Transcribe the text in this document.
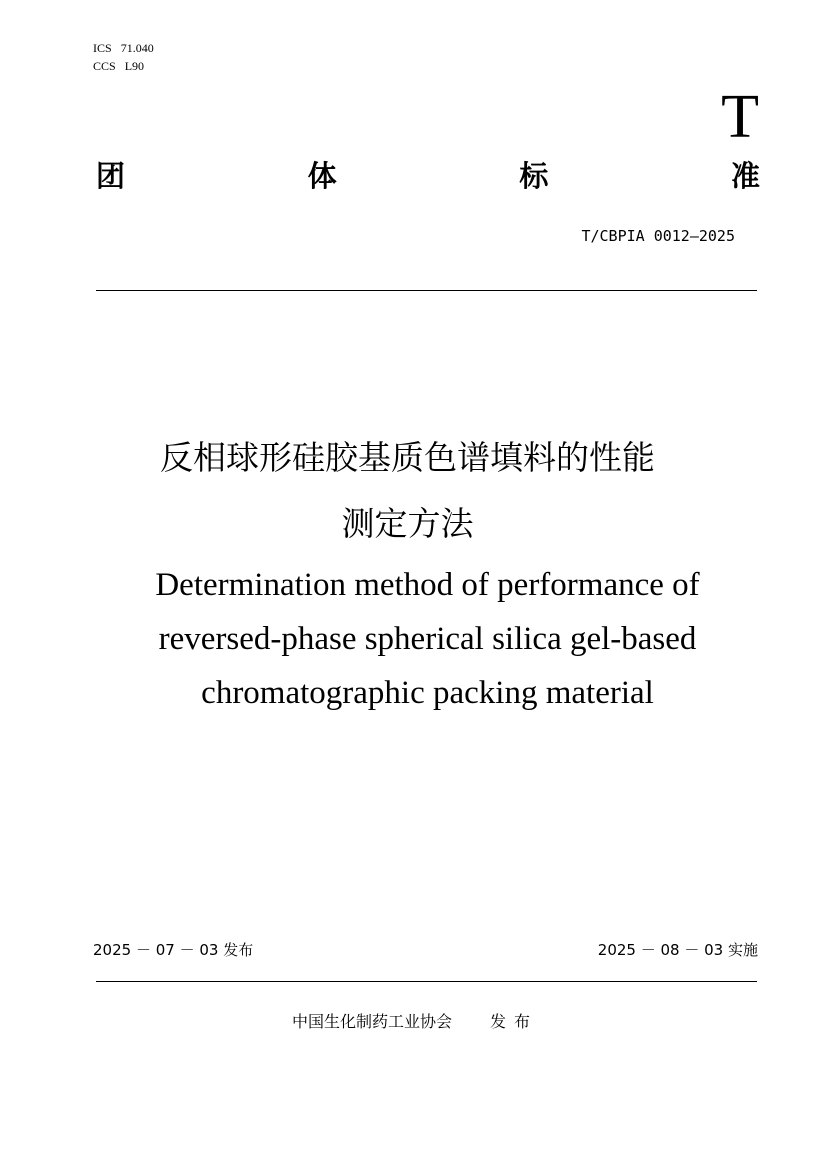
ICS 71.040
CCS L90
T
团	体	标	准
T/CBPIA 0012—2025
反相球形硅胶基质色谱填料的性能
测定方法
Determination method of performance of
reversed-phase spherical silica gel-based
chromatographic packing material
2025 － 07 － 03 发布	2025 － 08 － 03 实施
中国生化制药工业协会 发布
